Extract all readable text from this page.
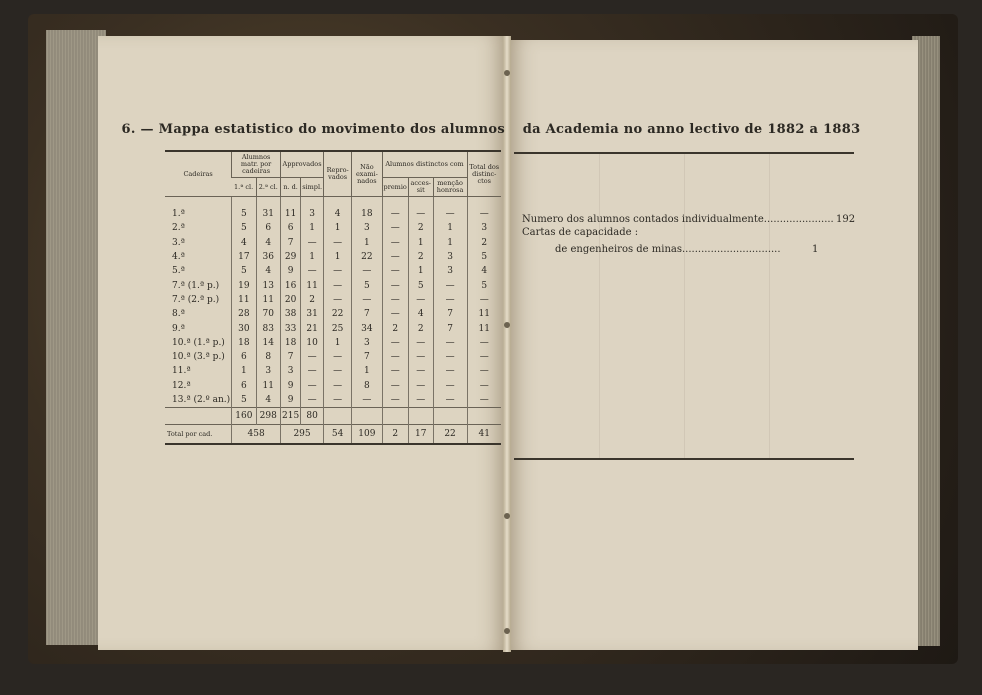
6. — Mappa estatistico do movimento dos alumnos da Academia no anno lectivo de 1882 a 1883
Cadeiras	Alumnos matr. por cadeiras		Approvados		Repro-vados	Não exami-nados	Alumnos distinctos com			Total dos distinc-ctos
	1.ª cl.	2.ª cl.	n. d.	simpl.			premio	acces-sit	menção honrosa	

1.ª	5	31	11	3	4	18	—	—	—	—
2.ª	5	6	6	1	1	3	—	2	1	3
3.ª	4	4	7	—	—	1	—	1	1	2
4.ª	17	36	29	1	1	22	—	2	3	5
5.ª	5	4	9	—	—	—	—	1	3	4
7.ª (1.ª p.)	19	13	16	11	—	5	—	5	—	5
7.ª (2.ª p.)	11	11	20	2	—	—	—	—	—	—
8.ª	28	70	38	31	22	7	—	4	7	11
9.ª	30	83	33	21	25	34	2	2	7	11
10.ª (1.ª p.)	18	14	18	10	1	3	—	—	—	—
10.ª (3.ª p.)	6	8	7	—	—	7	—	—	—	—
11.ª	1	3	3	—	—	1	—	—	—	—
12.ª	6	11	9	—	—	8	—	—	—	—
13.ª (2.º an.)	5	4	9	—	—	—	—	—	—	—
	160	298	215	80						
Total por cad.	458		295		54	109	2	17	22	41
Numero dos alumnos contados individualmente...................... 192
Cartas de capacidade :
de engenheiros de minas...............................	1
